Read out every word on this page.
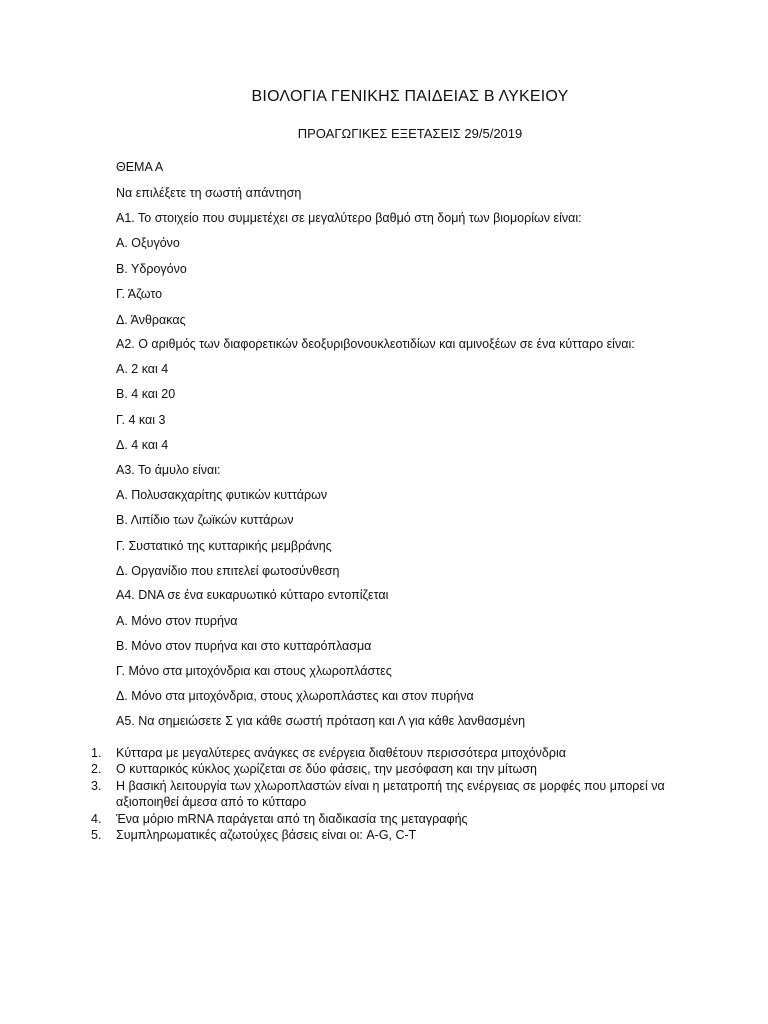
ΒΙΟΛΟΓΙΑ ΓΕΝΙΚΗΣ ΠΑΙΔΕΙΑΣ Β ΛΥΚΕΙΟΥ
ΠΡΟΑΓΩΓΙΚΕΣ ΕΞΕΤΑΣΕΙΣ 29/5/2019
ΘΕΜΑ Α
Να επιλέξετε τη σωστή απάντηση
Α1. Το στοιχείο που συμμετέχει σε μεγαλύτερο βαθμό στη δομή των βιομορίων είναι:
Α. Οξυγόνο
Β. Υδρογόνο
Γ. Άζωτο
Δ. Άνθρακας
Α2. Ο αριθμός των διαφορετικών δεοξυριβονουκλεοτιδίων και αμινοξέων σε ένα κύτταρο είναι:
Α. 2 και 4
Β. 4 και 20
Γ. 4 και 3
Δ. 4 και 4
Α3. Το άμυλο είναι:
Α. Πολυσακχαρίτης φυτικών κυττάρων
Β. Λιπίδιο των ζωϊκών κυττάρων
Γ. Συστατικό της κυτταρικής μεμβράνης
Δ. Οργανίδιο που επιτελεί φωτοσύνθεση
Α4. DNA σε ένα ευκαρυωτικό κύτταρο εντοπίζεται
Α. Μόνο στον πυρήνα
Β. Μόνο στον πυρήνα και στο κυτταρόπλασμα
Γ. Μόνο στα μιτοχόνδρια και στους χλωροπλάστες
Δ. Μόνο στα μιτοχόνδρια, στους χλωροπλάστες και στον πυρήνα
Α5. Να σημειώσετε Σ για κάθε σωστή πρόταση και Λ για κάθε λανθασμένη
1. Κύτταρα με μεγαλύτερες ανάγκες σε ενέργεια διαθέτουν περισσότερα μιτοχόνδρια
2. Ο κυτταρικός κύκλος χωρίζεται σε δύο φάσεις, την μεσόφαση και την μίτωση
3. Η βασική λειτουργία των χλωροπλαστών είναι η μετατροπή της ενέργειας σε μορφές που μπορεί να αξιοποιηθεί άμεσα από το κύτταρο
4. Ένα μόριο mRNA παράγεται από τη διαδικασία της μεταγραφής
5. Συμπληρωματικές αζωτούχες βάσεις είναι οι: A-G, C-T
